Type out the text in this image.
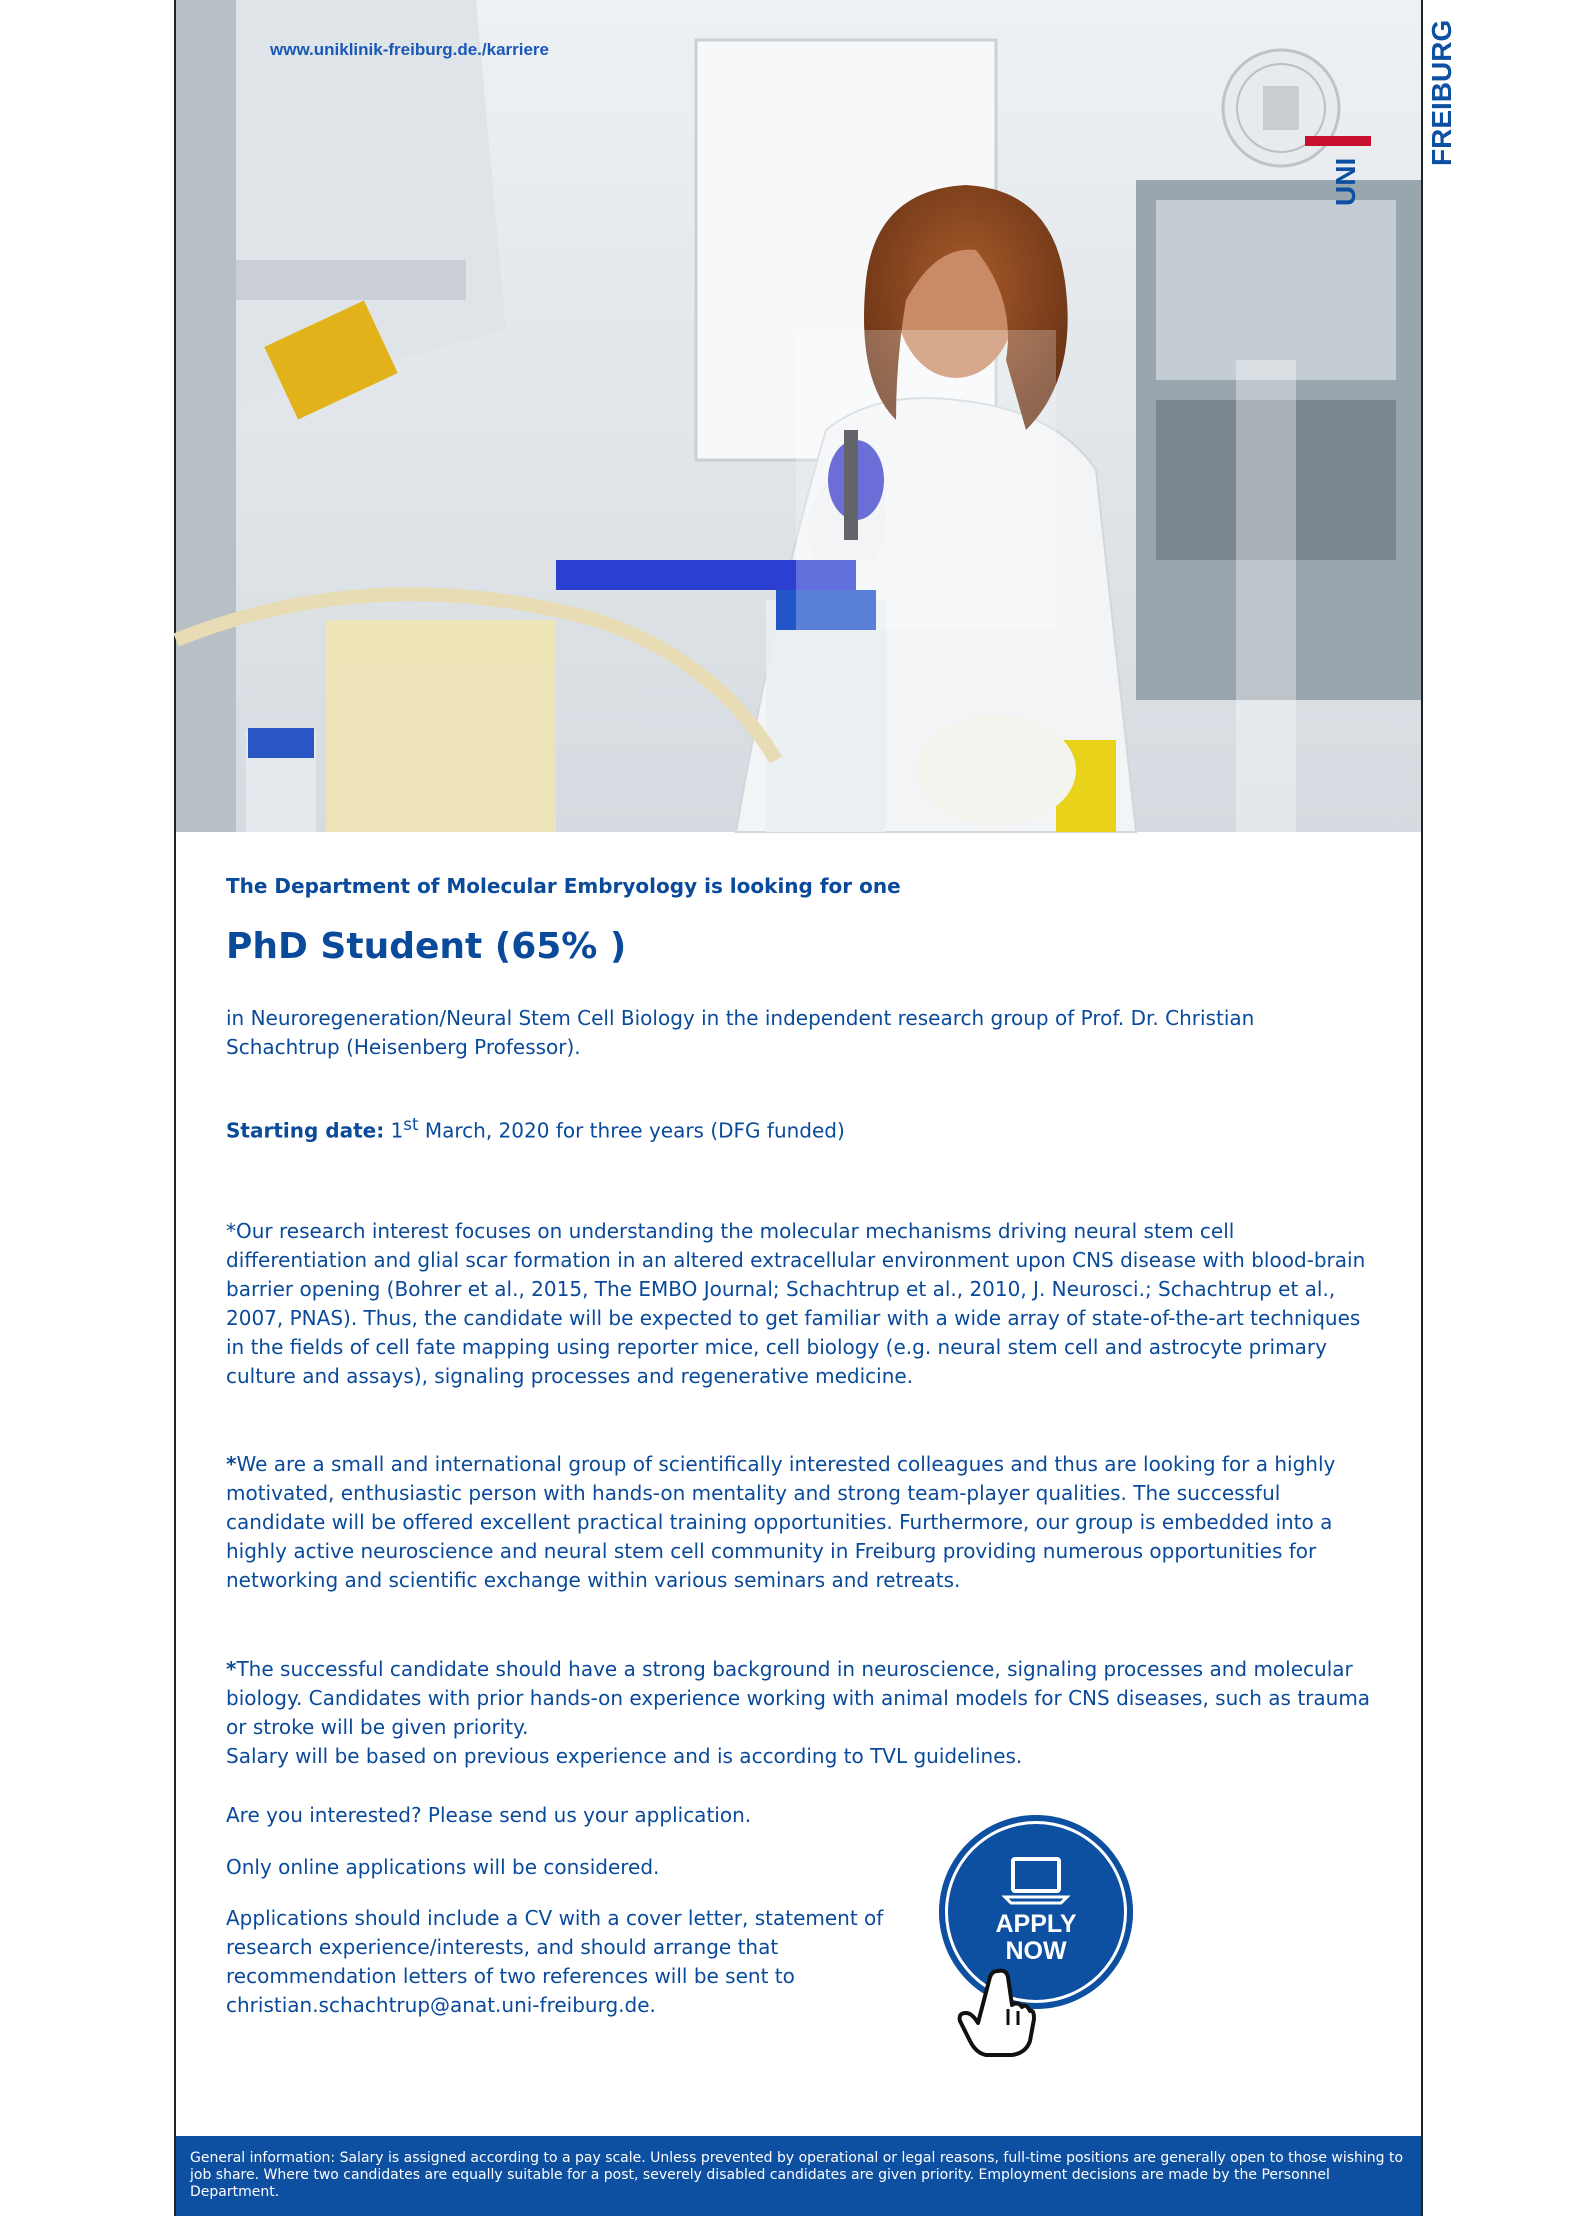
www.uniklinik-freiburg.de./karriere
UNI
FREIBURG
The Department of Molecular Embryology is looking for one
PhD Student (65% )

in Neuroregeneration/Neural Stem Cell Biology in the independent research group of Prof. Dr. Christian Schachtrup (Heisenberg Professor).

Starting date: 1st March, 2020 for three years (DFG funded)

*Our research interest focuses on understanding the molecular mechanisms driving neural stem cell differentiation and glial scar formation in an altered extracellular environment upon CNS disease with blood-brain barrier opening (Bohrer et al., 2015, The EMBO Journal; Schachtrup et al., 2010, J. Neurosci.; Schachtrup et al., 2007, PNAS). Thus, the candidate will be expected to get familiar with a wide array of state-of-the-art techniques in the fields of cell fate mapping using reporter mice, cell biology (e.g. neural stem cell and astrocyte primary culture and assays), signaling processes and regenerative medicine.

*We are a small and international group of scientifically interested colleagues and thus are looking for a highly motivated, enthusiastic person with hands-on mentality and strong team-player qualities. The successful candidate will be offered excellent practical training opportunities. Furthermore, our group is embedded into a highly active neuroscience and neural stem cell community in Freiburg providing numerous opportunities for networking and scientific exchange within various seminars and retreats.

*The successful candidate should have a strong background in neuroscience, signaling processes and molecular biology. Candidates with prior hands-on experience working with animal models for CNS diseases, such as trauma or stroke will be given priority.
Salary will be based on previous experience and is according to TVL guidelines.

Are you interested? Please send us your application.

Only online applications will be considered.

Applications should include a CV with a cover letter, statement of research experience/interests, and should arrange that recommendation letters of two references will be sent to christian.schachtrup@anat.uni-freiburg.de.

APPLY
NOW

General information: Salary is assigned according to a pay scale. Unless prevented by operational or legal reasons, full-time positions are generally open to those wishing to job share. Where two candidates are equally suitable for a post, severely disabled candidates are given priority. Employment decisions are made by the Personnel Department.
